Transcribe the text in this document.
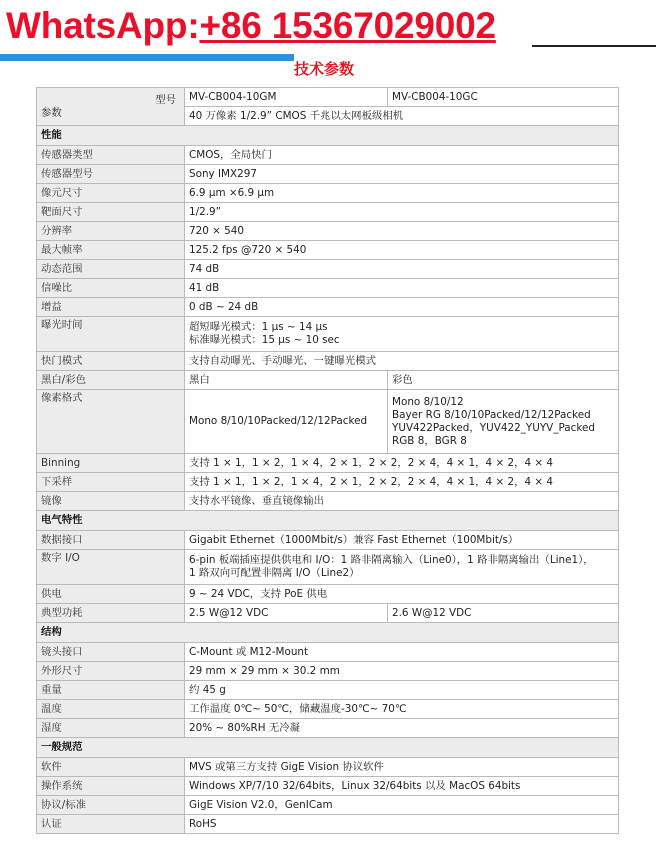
WhatsApp:+86 15367029002
技术参数
型号
参数	MV-CB004-10GM	MV-CB004-10GC
	40 万像素 1/2.9” CMOS 千兆以太网板级相机	
性能		
传感器类型	CMOS，全局快门	
传感器型号	Sony IMX297	
像元尺寸	6.9 μm ×6.9 μm	
靶面尺寸	1/2.9”	
分辨率	720 × 540	
最大帧率	125.2 fps @720 × 540	
动态范围	74 dB	
信噪比	41 dB	
增益	0 dB ~ 24 dB	
曝光时间	超短曝光模式：1 μs ~ 14 μs
标准曝光模式：15 μs ~ 10 sec	

快门模式	支持自动曝光、手动曝光、一键曝光模式	
黑白/彩色	黑白	彩色
像素格式	Mono 8/10/10Packed/12/12Packed	Mono 8/10/12
Bayer RG 8/10/10Packed/12/12Packed
YUV422Packed，YUV422_YUYV_Packed
RGB 8，BGR 8

Binning	支持 1 × 1，1 × 2，1 × 4，2 × 1，2 × 2，2 × 4，4 × 1，4 × 2，4 × 4	
下采样	支持 1 × 1，1 × 2，1 × 4，2 × 1，2 × 2，2 × 4，4 × 1，4 × 2，4 × 4	
镜像	支持水平镜像、垂直镜像输出	
电气特性		
数据接口	Gigabit Ethernet（1000Mbit/s）兼容 Fast Ethernet（100Mbit/s）	
数字 I/O	6-pin 板端插座提供供电和 I/O：1 路非隔离输入（Line0），1 路非隔离输出（Line1），
1 路双向可配置非隔离 I/O（Line2）	

供电	9 ~ 24 VDC，支持 PoE 供电	
典型功耗	2.5 W@12 VDC	2.6 W@12 VDC
结构		
镜头接口	C-Mount 或 M12-Mount	
外形尺寸	29 mm × 29 mm × 30.2 mm	
重量	约 45 g	
温度	工作温度 0℃~ 50℃，储藏温度-30℃~ 70℃	
湿度	20% ~ 80%RH 无冷凝	
一般规范		
软件	MVS 或第三方支持 GigE Vision 协议软件	
操作系统	Windows XP/7/10 32/64bits，Linux 32/64bits 以及 MacOS 64bits	
协议/标准	GigE Vision V2.0，GenICam	
认证	RoHS	
